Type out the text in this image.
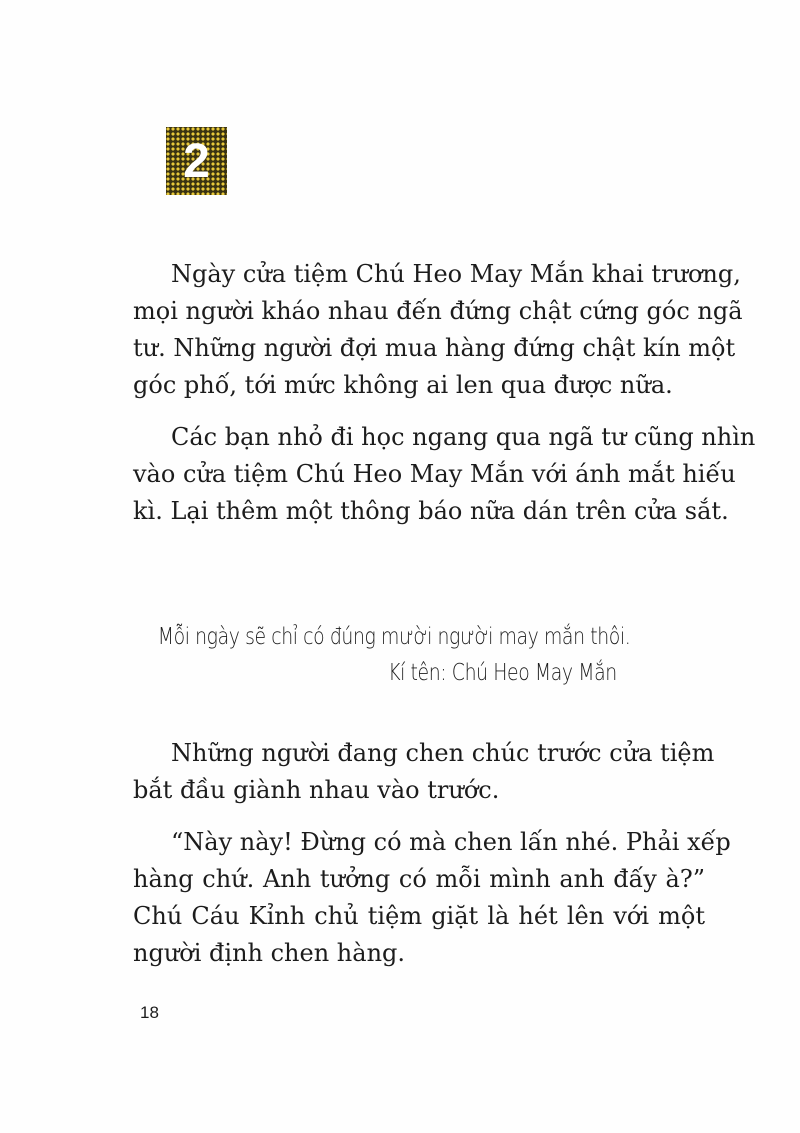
2
Ngày cửa tiệm Chú Heo May Mắn khai trương,
mọi người kháo nhau đến đứng chật cứng góc ngã
tư. Những người đợi mua hàng đứng chật kín một
góc phố, tới mức không ai len qua được nữa.
Các bạn nhỏ đi học ngang qua ngã tư cũng nhìn
vào cửa tiệm Chú Heo May Mắn với ánh mắt hiếu
kì. Lại thêm một thông báo nữa dán trên cửa sắt.
Mỗi ngày sẽ chỉ có đúng mười người may mắn thôi.
Kí tên: Chú Heo May Mắn
Những người đang chen chúc trước cửa tiệm
bắt đầu giành nhau vào trước.
“Này này! Đừng có mà chen lấn nhé. Phải xếp
hàng chứ. Anh tưởng có mỗi mình anh đấy à?”
Chú Cáu Kỉnh chủ tiệm giặt là hét lên với một
người định chen hàng.
18
